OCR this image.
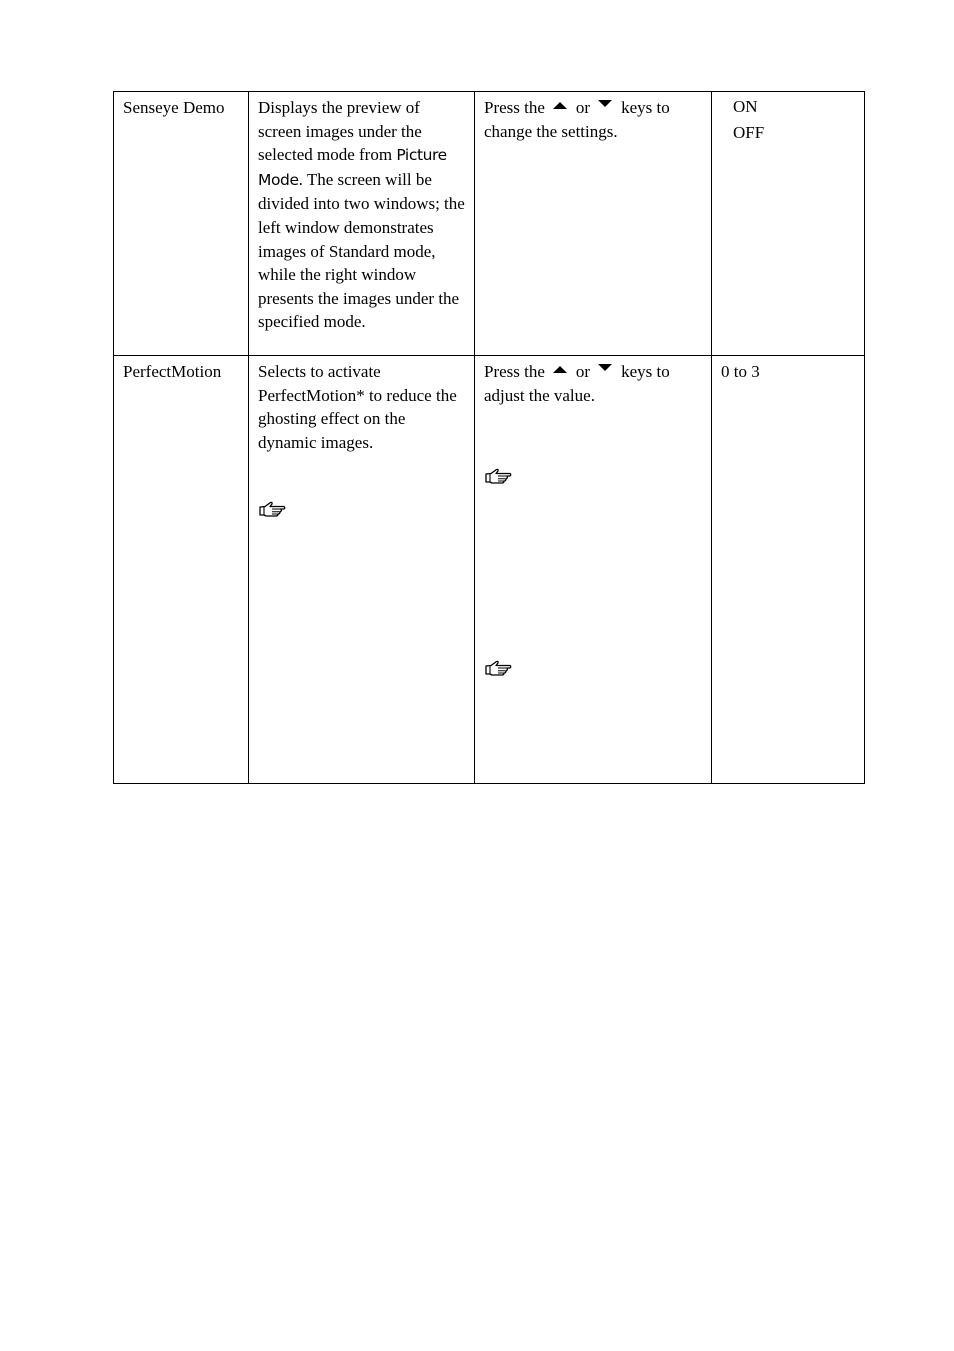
Senseye Demo	Displays the preview of screen images under the selected mode from Picture Mode. The screen will be divided into two windows; the left window demonstrates images of Standard mode, while the right window presents the images under the specified mode.	Press the or keys to change the settings.	ON
OFF

PerfectMotion	Selects to activate PerfectMotion* to reduce the ghosting effect on the dynamic images.	Press the or keys to adjust the value.	0 to 3
